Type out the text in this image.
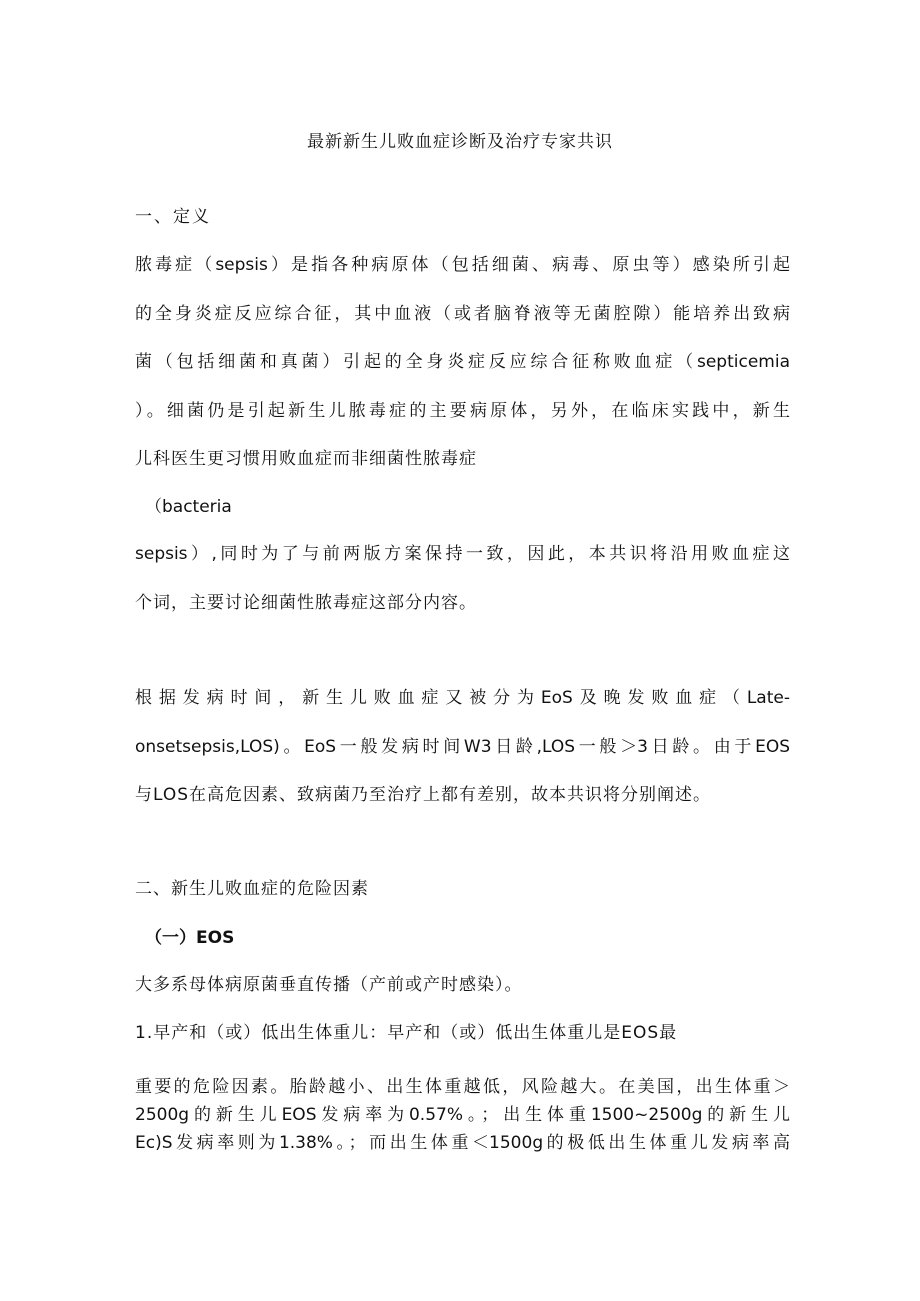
最新新生儿败血症诊断及治疗专家共识
一、定义
脓毒症（sepsis）是指各种病原体（包括细菌、病毒、原虫等）感染所引起
的全身炎症反应综合征，其中血液（或者脑脊液等无菌腔隙）能培养出致病
菌（包括细菌和真菌）引起的全身炎症反应综合征称败血症（septicemia
）。细菌仍是引起新生儿脓毒症的主要病原体，另外，在临床实践中，新生
儿科医生更习惯用败血症而非细菌性脓毒症
（bacteria
sepsis）,同时为了与前两版方案保持一致，因此，本共识将沿用败血症这
个词，主要讨论细菌性脓毒症这部分内容。
根据发病时间，新生儿败血症又被分为EoS及晚发败血症（Late-
onsetsepsis,LOS)。EoS一般发病时间W3日龄,LOS一般＞3日龄。由于EOS
与LOS在高危因素、致病菌乃至治疗上都有差别，故本共识将分别阐述。
二、新生儿败血症的危险因素
（一）EOS
大多系母体病原菌垂直传播（产前或产时感染）。
1.早产和（或）低出生体重儿：早产和（或）低出生体重儿是EOS最
重要的危险因素。胎龄越小、出生体重越低，风险越大。在美国，出生体重＞
2500g的新生儿EOS发病率为0.57%。；出生体重1500~2500g的新生儿
Ec)S发病率则为1.38%。；而出生体重＜1500g的极低出生体重儿发病率高
